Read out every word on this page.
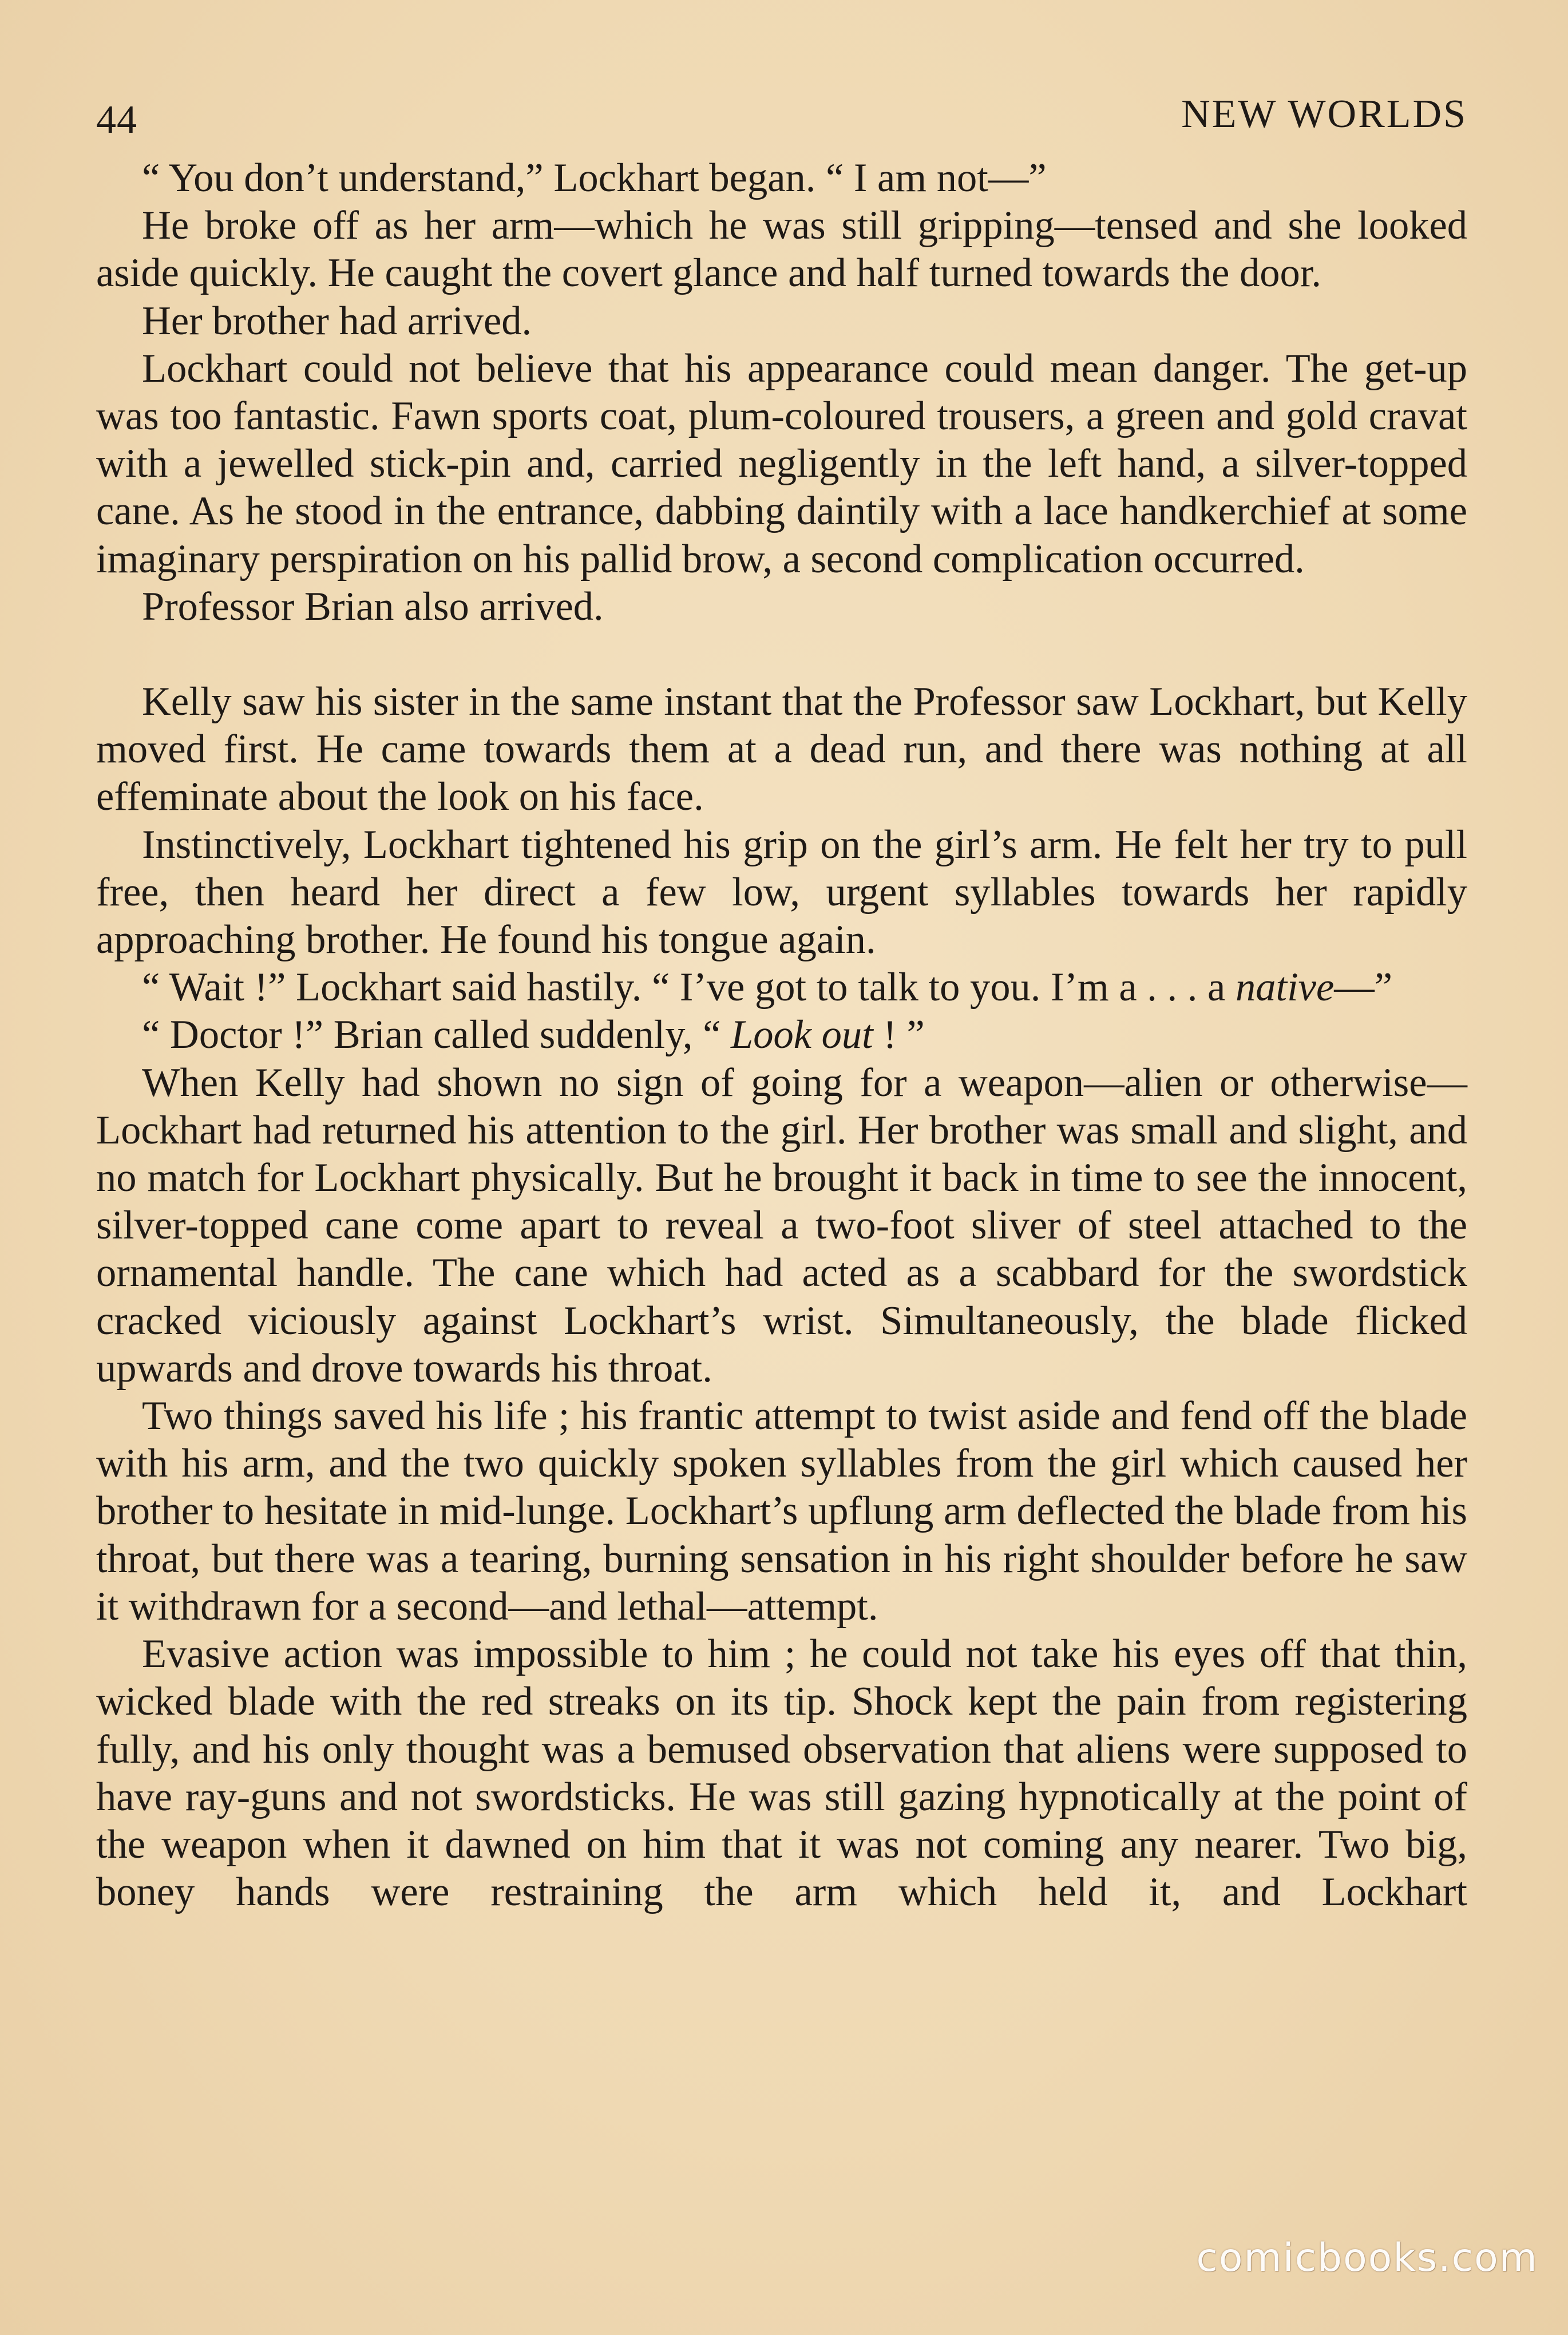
44	NEW WORLDS

“ You don’t understand,” Lockhart began. “ I am not—”

He broke off as her arm—which he was still gripping—tensed and she looked aside quickly. He caught the covert glance and half turned towards the door.

Her brother had arrived.

Lockhart could not believe that his appearance could mean danger. The get-up was too fantastic. Fawn sports coat, plum-coloured trousers, a green and gold cravat with a jewelled stick-pin and, carried negligently in the left hand, a silver-topped cane. As he stood in the entrance, dabbing daintily with a lace handkerchief at some imaginary perspiration on his pallid brow, a second complication occurred.

Professor Brian also arrived.

Kelly saw his sister in the same instant that the Professor saw Lockhart, but Kelly moved first. He came towards them at a dead run, and there was nothing at all effeminate about the look on his face.

Instinctively, Lockhart tightened his grip on the girl’s arm. He felt her try to pull free, then heard her direct a few low, urgent syllables towards her rapidly approaching brother. He found his tongue again.

“ Wait !” Lockhart said hastily. “ I’ve got to talk to you. I’m a . . . a native—”

“ Doctor !” Brian called suddenly, “ Look out ! ”

When Kelly had shown no sign of going for a weapon—alien or otherwise—Lockhart had returned his attention to the girl. Her brother was small and slight, and no match for Lockhart physically. But he brought it back in time to see the innocent, silver-topped cane come apart to reveal a two-foot sliver of steel attached to the ornamental handle. The cane which had acted as a scabbard for the swordstick cracked viciously against Lockhart’s wrist. Simultaneously, the blade flicked upwards and drove towards his throat.

Two things saved his life ; his frantic attempt to twist aside and fend off the blade with his arm, and the two quickly spoken syllables from the girl which caused her brother to hesitate in mid-lunge. Lockhart’s upflung arm deflected the blade from his throat, but there was a tearing, burning sensation in his right shoulder before he saw it withdrawn for a second—and lethal—attempt.

Evasive action was impossible to him ; he could not take his eyes off that thin, wicked blade with the red streaks on its tip. Shock kept the pain from registering fully, and his only thought was a bemused observation that aliens were supposed to have ray-guns and not swordsticks. He was still gazing hypnotically at the point of the weapon when it dawned on him that it was not coming any nearer. Two big, boney hands were restraining the arm which held it, and Lockhart

comicbooks.com
